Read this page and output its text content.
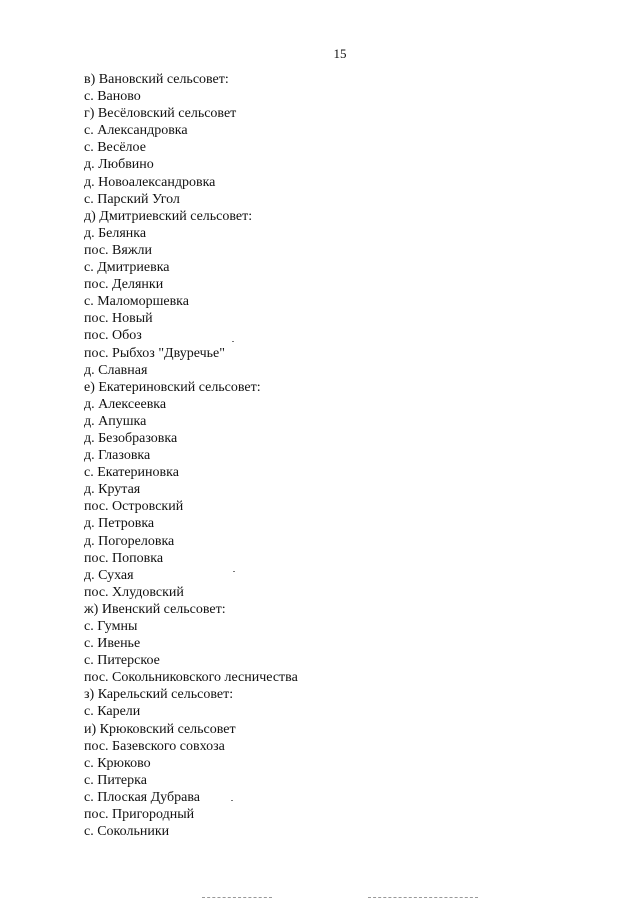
15
в) Вановский сельсовет:
с. Ваново
г) Весёловский сельсовет
с. Александровка
с. Весёлое
д. Любвино
д. Новоалександровка
с. Парский Угол
д) Дмитриевский сельсовет:
д. Белянка
пос. Вяжли
с. Дмитриевка
пос. Делянки
с. Маломоршевка
пос. Новый
пос. Обоз
пос. Рыбхоз "Двуречье"
д. Славная
е) Екатериновский сельсовет:
д. Алексеевка
д. Апушка
д. Безобразовка
д. Глазовка
с. Екатериновка
д. Крутая
пос. Островский
д. Петровка
д. Погореловка
пос. Поповка
д. Сухая
пос. Хлудовский
ж) Ивенский сельсовет:
с. Гумны
с. Ивенье
с. Питерское
пос. Сокольниковского лесничества
з) Карельский сельсовет:
с. Карели
и) Крюковский сельсовет
пос. Базевского совхоза
с. Крюково
с. Питерка
с. Плоская Дубрава
пос. Пригородный
с. Сокольники
